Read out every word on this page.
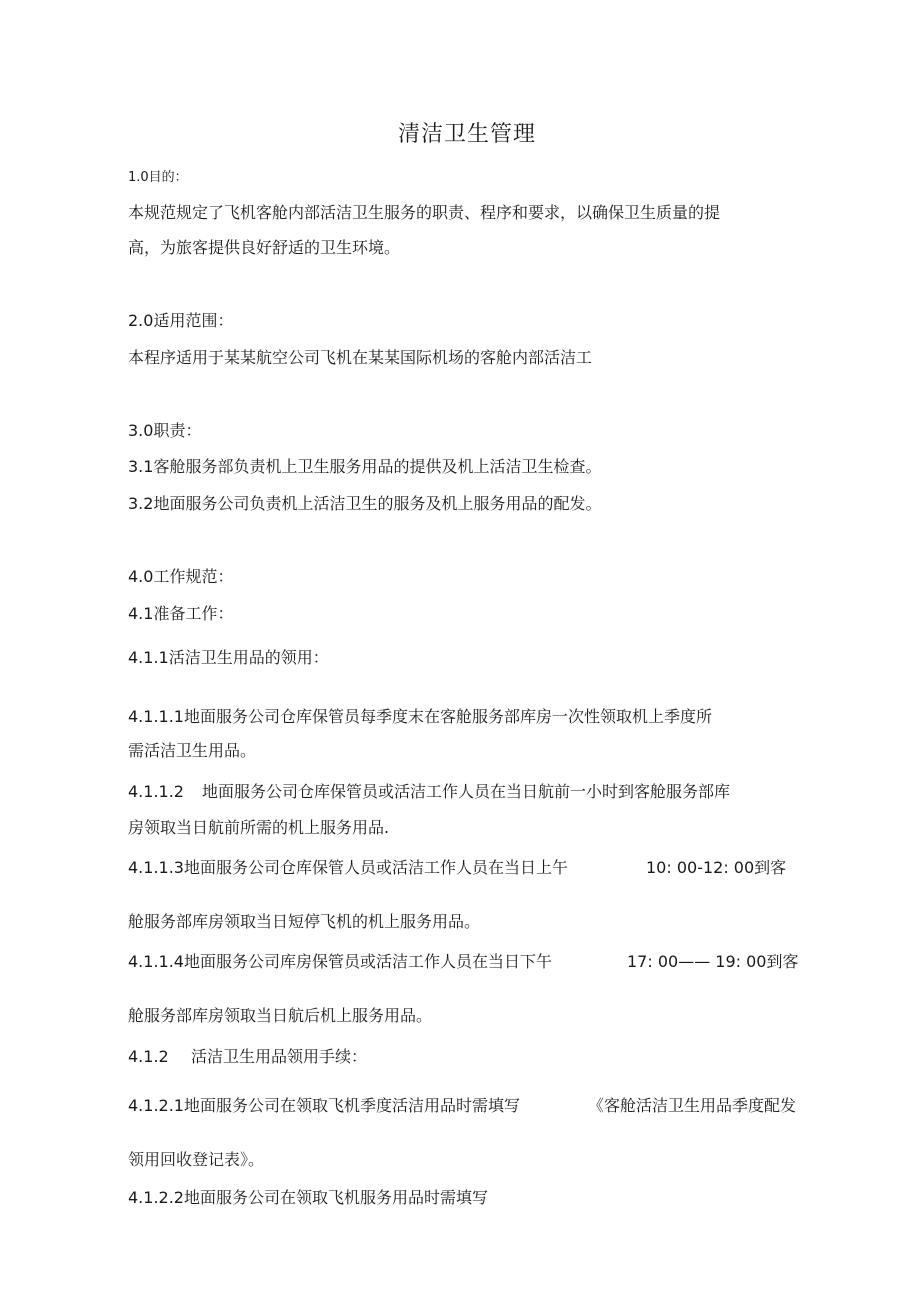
清洁卫生管理
1.0目的：
本规范规定了飞机客舱内部活洁卫生服务的职责、程序和要求，以确保卫生质量的提
高，为旅客提供良好舒适的卫生环境。
2.0适用范围：
本程序适用于某某航空公司飞机在某某国际机场的客舱内部活洁工
3.0职责：
3.1客舱服务部负责机上卫生服务用品的提供及机上活洁卫生检查。
3.2地面服务公司负责机上活洁卫生的服务及机上服务用品的配发。
4.0工作规范：
4.1准备工作：
4.1.1活洁卫生用品的领用：
4.1.1.1地面服务公司仓库保管员每季度末在客舱服务部库房一次性领取机上季度所
需活洁卫生用品。
4.1.1.2 地面服务公司仓库保管员或活洁工作人员在当日航前一小时到客舱服务部库
房领取当日航前所需的机上服务用品.
4.1.1.3地面服务公司仓库保管人员或活洁工作人员在当日上午	10: 00-12: 00到客
舱服务部库房领取当日短停飞机的机上服务用品。
4.1.1.4地面服务公司库房保管员或活洁工作人员在当日下午	17: 00—— 19: 00到客
舱服务部库房领取当日航后机上服务用品。
4.1.2 活洁卫生用品领用手续：
4.1.2.1地面服务公司在领取飞机季度活洁用品时需填写	《客舱活洁卫生用品季度配发
领用回收登记表》。
4.1.2.2地面服务公司在领取飞机服务用品时需填写
